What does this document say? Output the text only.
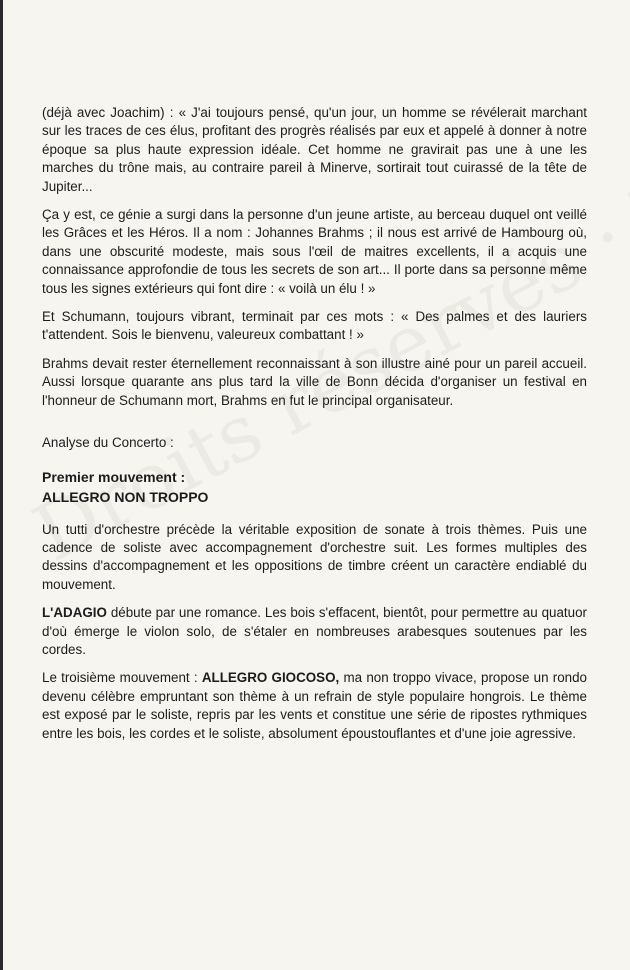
(déjà avec Joachim) : « J'ai toujours pensé, qu'un jour, un homme se révélerait marchant sur les traces de ces élus, profitant des progrès réalisés par eux et appelé à donner à notre époque sa plus haute expression idéale. Cet homme ne gravirait pas une à une les marches du trône mais, au contraire pareil à Minerve, sortirait tout cuirassé de la tête de Jupiter...

Ça y est, ce génie a surgi dans la personne d'un jeune artiste, au berceau duquel ont veillé les Grâces et les Héros. Il a nom : Johannes Brahms ; il nous est arrivé de Hambourg où, dans une obscurité modeste, mais sous l'œil de maitres excellents, il a acquis une connaissance approfondie de tous les secrets de son art... Il porte dans sa personne même tous les signes extérieurs qui font dire : « voilà un élu ! »

Et Schumann, toujours vibrant, terminait par ces mots : « Des palmes et des lauriers t'attendent. Sois le bienvenu, valeureux combattant ! »

Brahms devait rester éternellement reconnaissant à son illustre ainé pour un pareil accueil. Aussi lorsque quarante ans plus tard la ville de Bonn décida d'organiser un festival en l'honneur de Schumann mort, Brahms en fut le principal organisateur.

Analyse du Concerto :

Premier mouvement :

ALLEGRO NON TROPPO

Un tutti d'orchestre précède la véritable exposition de sonate à trois thèmes. Puis une cadence de soliste avec accompagnement d'orchestre suit. Les formes multiples des dessins d'accompagnement et les oppositions de timbre créent un caractère endiablé du mouvement.

L'ADAGIO débute par une romance. Les bois s'effacent, bientôt, pour permettre au quatuor d'où émerge le violon solo, de s'étaler en nombreuses arabesques soutenues par les cordes.

Le troisième mouvement : ALLEGRO GIOCOSO, ma non troppo vivace, propose un rondo devenu célèbre empruntant son thème à un refrain de style populaire hongrois. Le thème est exposé par le soliste, repris par les vents et constitue une série de ripostes rythmiques entre les bois, les cordes et le soliste, absolument époustouflantes et d'une joie agressive.
